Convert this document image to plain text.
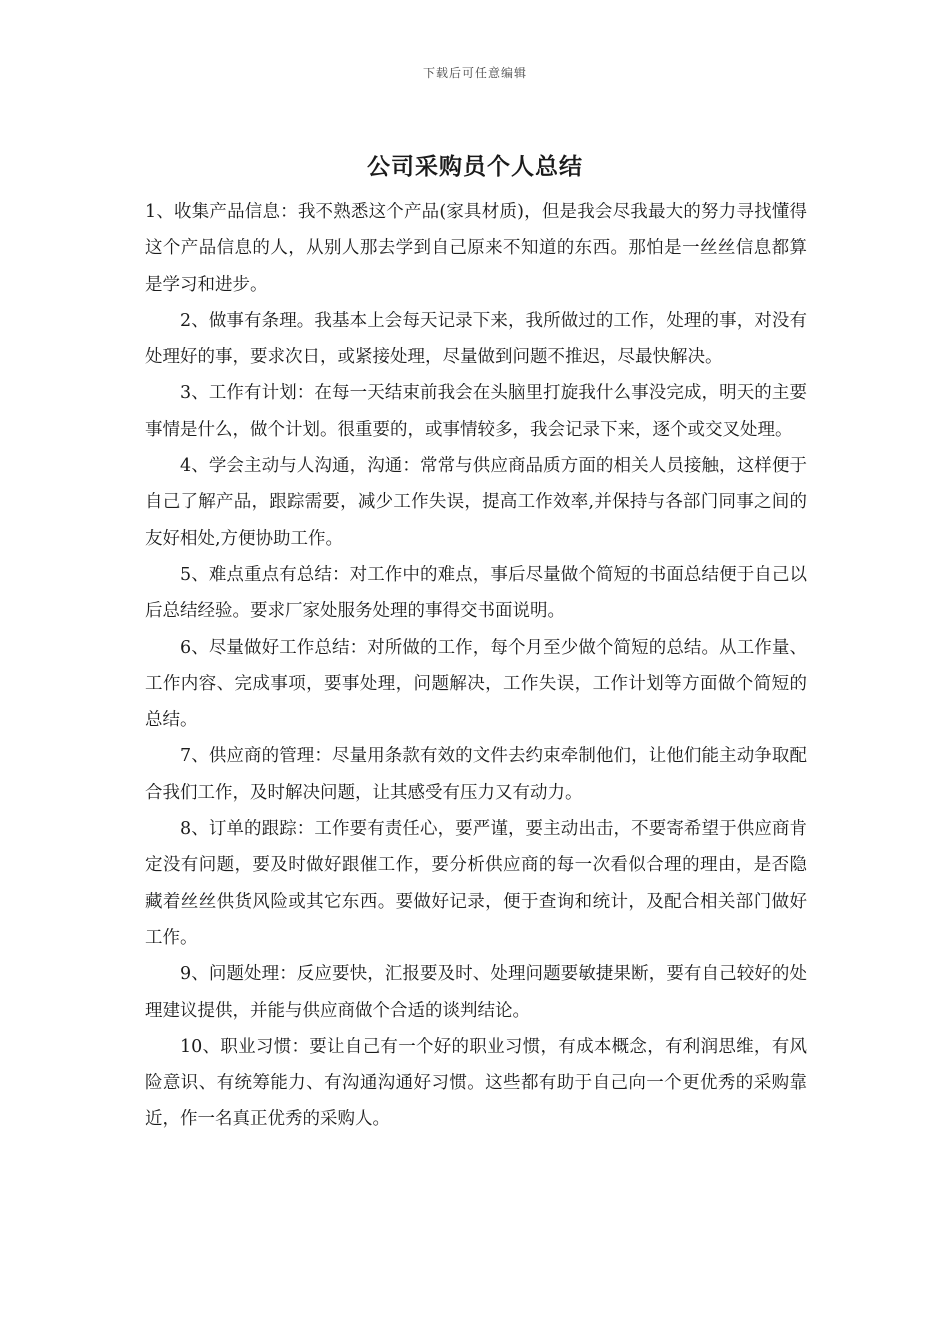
下载后可任意编辑
公司采购员个人总结

1、收集产品信息：我不熟悉这个产品(家具材质)，但是我会尽我最大的努力寻找懂得这个产品信息的人，从别人那去学到自己原来不知道的东西。那怕是一丝丝信息都算是学习和进步。

2、做事有条理。我基本上会每天记录下来，我所做过的工作，处理的事，对没有处理好的事，要求次日，或紧接处理，尽量做到问题不推迟，尽最快解决。

3、工作有计划：在每一天结束前我会在头脑里打旋我什么事没完成，明天的主要事情是什么，做个计划。很重要的，或事情较多，我会记录下来，逐个或交叉处理。

4、学会主动与人沟通，沟通：常常与供应商品质方面的相关人员接触，这样便于自己了解产品，跟踪需要，减少工作失误，提高工作效率,并保持与各部门同事之间的友好相处,方便协助工作。

5、难点重点有总结：对工作中的难点，事后尽量做个简短的书面总结便于自己以后总结经验。要求厂家处服务处理的事得交书面说明。

6、尽量做好工作总结：对所做的工作，每个月至少做个简短的总结。从工作量、工作内容、完成事项，要事处理，问题解决，工作失误，工作计划等方面做个简短的总结。

7、供应商的管理：尽量用条款有效的文件去约束牵制他们，让他们能主动争取配合我们工作，及时解决问题，让其感受有压力又有动力。

8、订单的跟踪：工作要有责任心，要严谨，要主动出击，不要寄希望于供应商肯定没有问题，要及时做好跟催工作，要分析供应商的每一次看似合理的理由，是否隐藏着丝丝供货风险或其它东西。要做好记录，便于查询和统计，及配合相关部门做好工作。

9、问题处理：反应要快，汇报要及时、处理问题要敏捷果断，要有自己较好的处理建议提供，并能与供应商做个合适的谈判结论。

10、职业习惯：要让自己有一个好的职业习惯，有成本概念，有利润思维，有风险意识、有统筹能力、有沟通沟通好习惯。这些都有助于自己向一个更优秀的采购靠近，作一名真正优秀的采购人。
